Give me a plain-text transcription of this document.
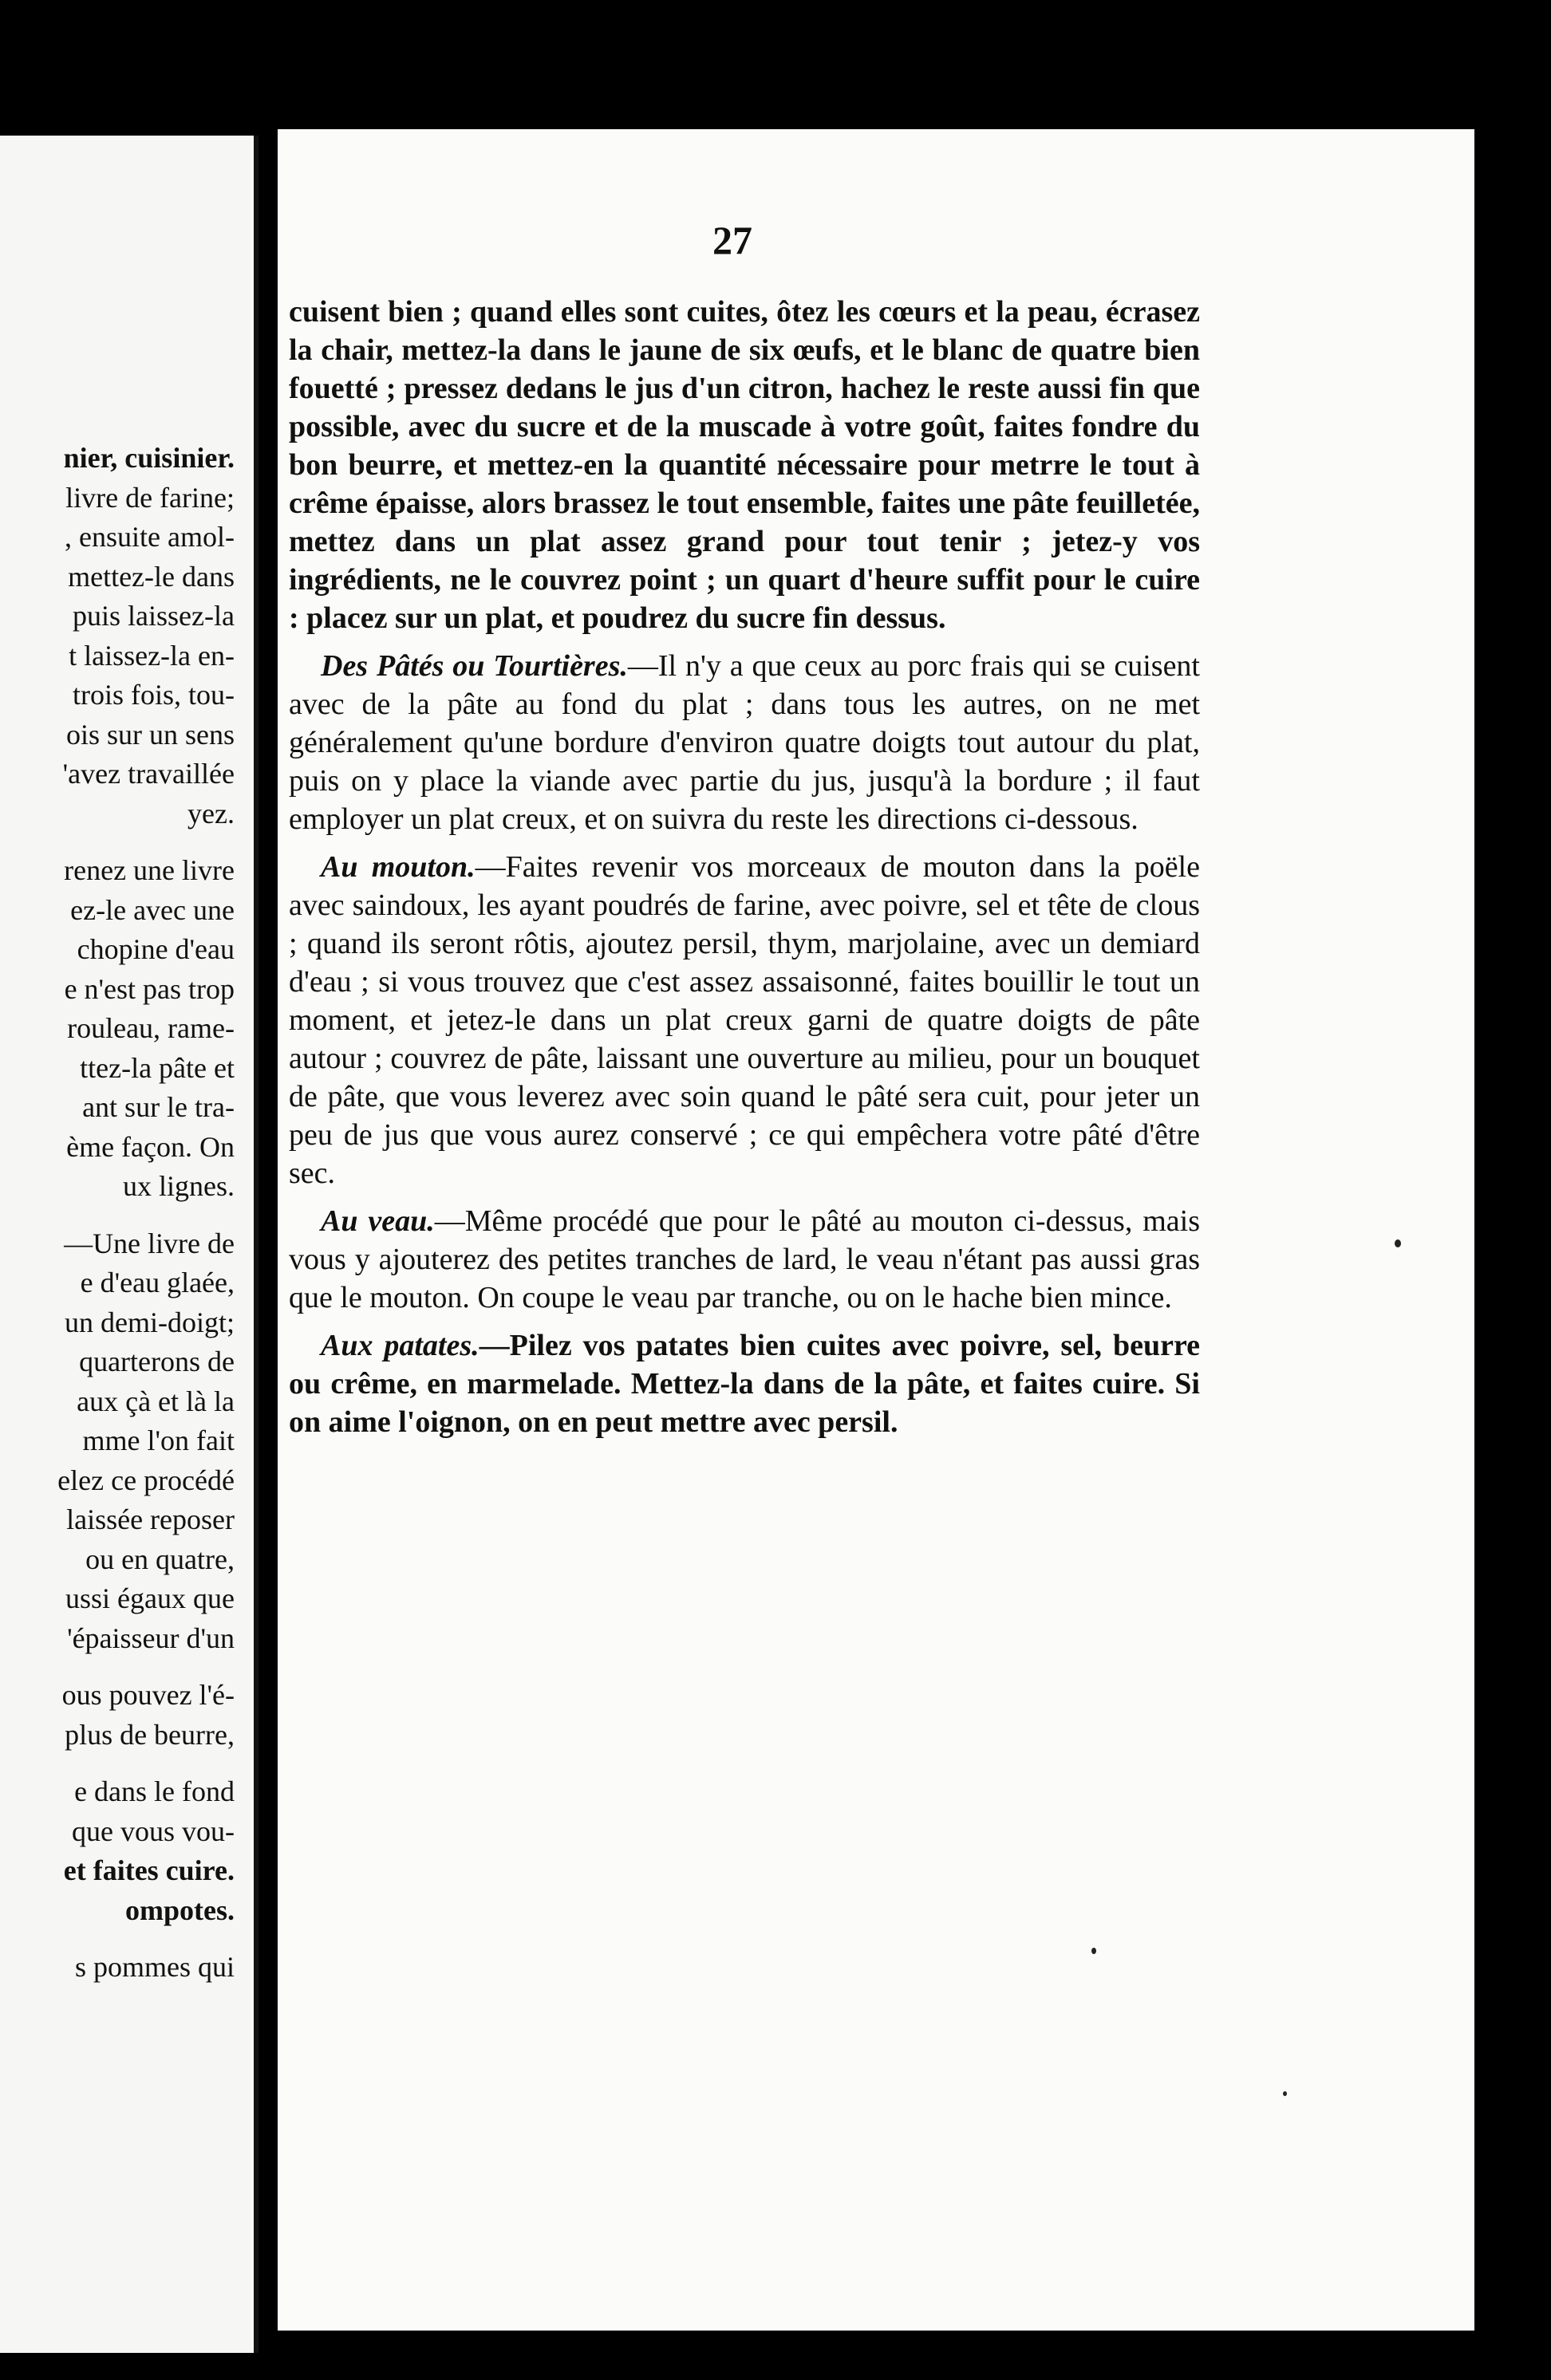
nier, cuisinier.
livre de farine;
, ensuite amol-
mettez-le dans
puis laissez-la
t laissez-la en-
trois fois, tou-
ois sur un sens
'avez travaillée
yez.
renez une livre
ez-le avec une
chopine d'eau
e n'est pas trop
rouleau, rame-
ttez-la pâte et
ant sur le tra-
ème façon. On
ux lignes.
—Une livre de
e d'eau glaée,
un demi-doigt;
quarterons de
aux çà et là la
mme l'on fait
elez ce procédé
laissée reposer
ou en quatre,
ussi égaux que
'épaisseur d'un
ous pouvez l'é-
plus de beurre,
e dans le fond
que vous vou-
et faites cuire.
ompotes.
s pommes qui
27

cuisent bien ; quand elles sont cuites, ôtez les cœurs et la peau, écrasez la chair, mettez-la dans le jaune de six œufs, et le blanc de quatre bien fouetté ; pressez dedans le jus d'un citron, hachez le reste aussi fin que possible, avec du sucre et de la muscade à votre goût, faites fondre du bon beurre, et mettez-en la quantité nécessaire pour metrre le tout à crême épaisse, alors brassez le tout ensemble, faites une pâte feuilletée, mettez dans un plat assez grand pour tout tenir ; jetez-y vos ingrédients, ne le couvrez point ; un quart d'heure suffit pour le cuire : placez sur un plat, et poudrez du sucre fin dessus.

Des Pâtés ou Tourtières.—Il n'y a que ceux au porc frais qui se cuisent avec de la pâte au fond du plat ; dans tous les autres, on ne met généralement qu'une bordure d'environ quatre doigts tout autour du plat, puis on y place la viande avec partie du jus, jusqu'à la bordure ; il faut employer un plat creux, et on suivra du reste les directions ci-dessous.

Au mouton.—Faites revenir vos morceaux de mouton dans la poële avec saindoux, les ayant poudrés de farine, avec poivre, sel et tête de clous ; quand ils seront rôtis, ajoutez persil, thym, marjolaine, avec un demiard d'eau ; si vous trouvez que c'est assez assaisonné, faites bouillir le tout un moment, et jetez-le dans un plat creux garni de quatre doigts de pâte autour ; couvrez de pâte, laissant une ouverture au milieu, pour un bouquet de pâte, que vous leverez avec soin quand le pâté sera cuit, pour jeter un peu de jus que vous aurez conservé ; ce qui empêchera votre pâté d'être sec.

Au veau.—Même procédé que pour le pâté au mouton ci-dessus, mais vous y ajouterez des petites tranches de lard, le veau n'étant pas aussi gras que le mouton. On coupe le veau par tranche, ou on le hache bien mince.

Aux patates.—Pilez vos patates bien cuites avec poivre, sel, beurre ou crême, en marmelade. Mettez-la dans de la pâte, et faites cuire. Si on aime l'oignon, on en peut mettre avec persil.
